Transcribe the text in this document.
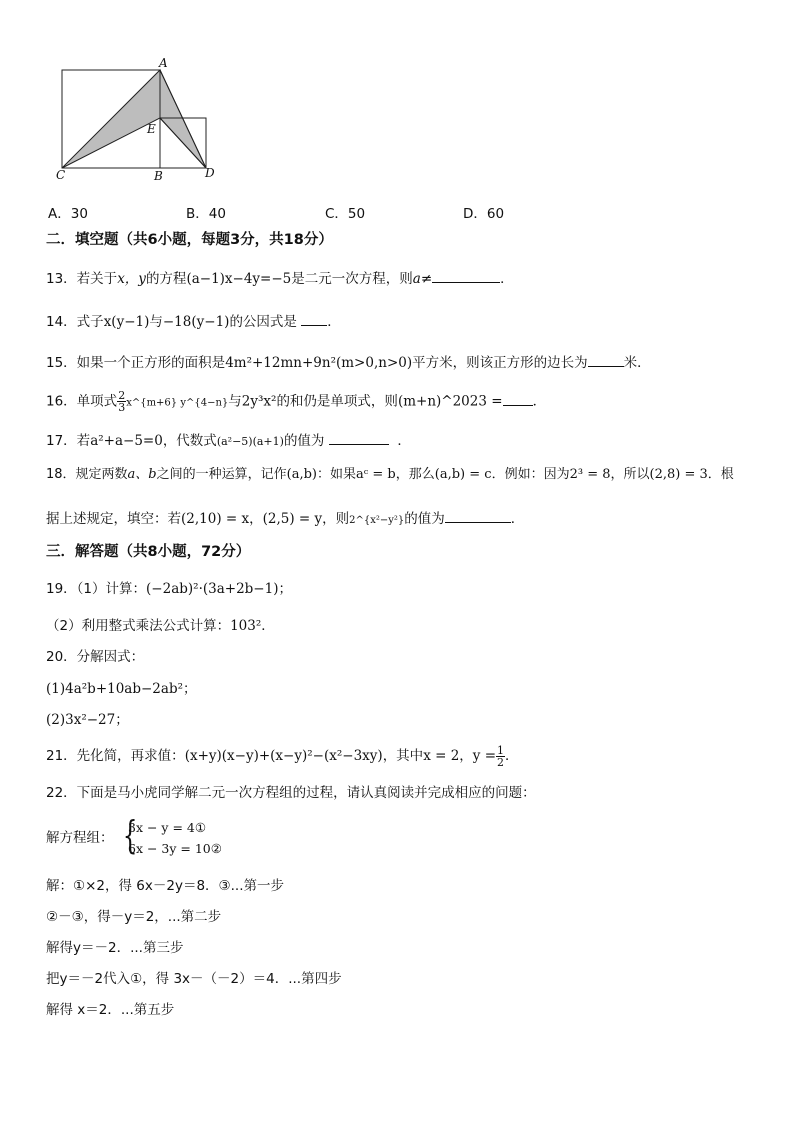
A
E
C	B	D
A．30	B．40	C．50	D．60
二．填空题（共6小题，每题3分，共18分）
13．若关于x，y的方程(a−1)x−4y=−5是二元一次方程，则a≠	．
14．式子x(y−1)与−18(y−1)的公因式是 ．
15．如果一个正方形的面积是4m²+12mn+9n²(m>0,n>0)平方米，则该正方形的边长为	米．
16．单项式 $\frac{2}{3}$ x^{m+6} y^{4−n}与2y³x²的和仍是单项式，则(m+n)^2023 = ．
17．若a²+a−5=0，代数式(a²−5)(a+1)的值为	．
18．规定两数a、b之间的一种运算，记作(a,b)：如果aᶜ = b，那么(a,b) = c．例如：因为2³ = 8，所以(2,8) = 3．根
据上述规定，填空：若(2,10) = x，(2,5) = y，则2^{x²−y²}的值为	．
三．解答题（共8小题，72分）
19．（1）计算：(−2ab)²·(3a+2b−1)；
（2）利用整式乘法公式计算：103²．
20．分解因式：
(1)4a²b+10ab−2ab²；
(2)3x²−27；
21．先化简，再求值：(x+y)(x−y)+(x−y)²−(x²−3xy)，其中x = 2，$y = \frac{1}{2}$ ．
22．下面是马小虎同学解二元一次方程组的过程，请认真阅读并完成相应的问题：
解方程组： {
3x − y = 4①
6x − 3y = 10②
解：①×2，得 6x－2y＝8．③...第一步
②－③，得－y＝2，...第二步
解得y＝－2．...第三步
把y＝－2代入①，得 3x－（－2）＝4．...第四步
解得 x＝2．...第五步
